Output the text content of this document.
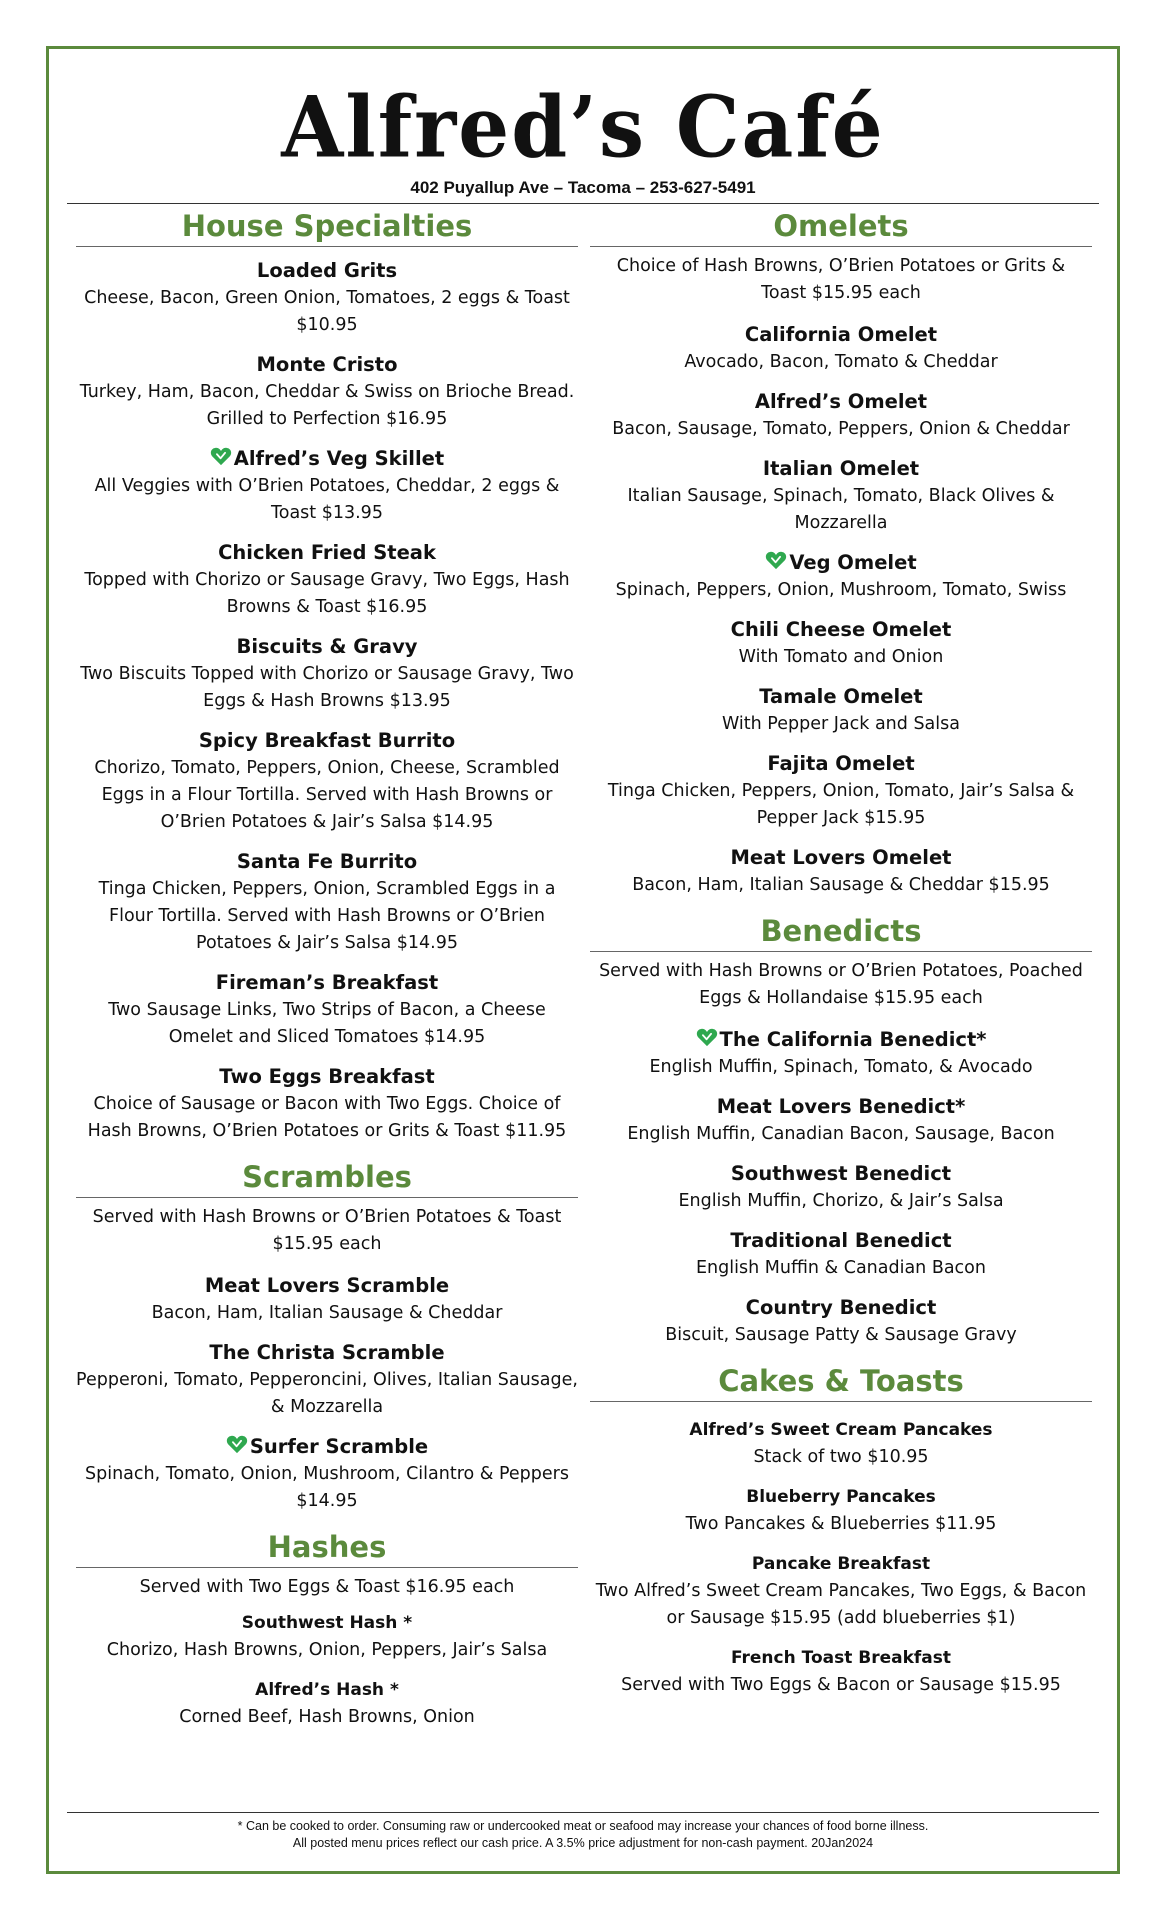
Alfred’s Café
402 Puyallup Ave – Tacoma – 253-627-5491
House Specialties
Loaded Grits
Cheese, Bacon, Green Onion, Tomatoes, 2 eggs & Toast $10.95
Monte Cristo
Turkey, Ham, Bacon, Cheddar & Swiss on Brioche Bread. Grilled to Perfection $16.95
Alfred’s Veg Skillet
All Veggies with O’Brien Potatoes, Cheddar, 2 eggs & Toast $13.95
Chicken Fried Steak
Topped with Chorizo or Sausage Gravy, Two Eggs, Hash Browns & Toast $16.95
Biscuits & Gravy
Two Biscuits Topped with Chorizo or Sausage Gravy, Two Eggs & Hash Browns $13.95
Spicy Breakfast Burrito
Chorizo, Tomato, Peppers, Onion, Cheese, Scrambled Eggs in a Flour Tortilla. Served with Hash Browns or O’Brien Potatoes & Jair’s Salsa $14.95
Santa Fe Burrito
Tinga Chicken, Peppers, Onion, Scrambled Eggs in a Flour Tortilla. Served with Hash Browns or O’Brien Potatoes & Jair’s Salsa $14.95
Fireman’s Breakfast
Two Sausage Links, Two Strips of Bacon, a Cheese Omelet and Sliced Tomatoes $14.95
Two Eggs Breakfast
Choice of Sausage or Bacon with Two Eggs. Choice of Hash Browns, O’Brien Potatoes or Grits & Toast $11.95
Scrambles
Served with Hash Browns or O’Brien Potatoes & Toast $15.95 each
Meat Lovers Scramble
Bacon, Ham, Italian Sausage & Cheddar
The Christa Scramble
Pepperoni, Tomato, Pepperoncini, Olives, Italian Sausage, & Mozzarella
Surfer Scramble
Spinach, Tomato, Onion, Mushroom, Cilantro & Peppers $14.95
Hashes
Served with Two Eggs & Toast $16.95 each
Southwest Hash *
Chorizo, Hash Browns, Onion, Peppers, Jair’s Salsa
Alfred’s Hash *
Corned Beef, Hash Browns, Onion
Omelets
Choice of Hash Browns, O’Brien Potatoes or Grits & Toast $15.95 each
California Omelet
Avocado, Bacon, Tomato & Cheddar
Alfred’s Omelet
Bacon, Sausage, Tomato, Peppers, Onion & Cheddar
Italian Omelet
Italian Sausage, Spinach, Tomato, Black Olives & Mozzarella
Veg Omelet
Spinach, Peppers, Onion, Mushroom, Tomato, Swiss
Chili Cheese Omelet
With Tomato and Onion
Tamale Omelet
With Pepper Jack and Salsa
Fajita Omelet
Tinga Chicken, Peppers, Onion, Tomato, Jair’s Salsa & Pepper Jack $15.95
Meat Lovers Omelet
Bacon, Ham, Italian Sausage & Cheddar $15.95
Benedicts
Served with Hash Browns or O’Brien Potatoes, Poached Eggs & Hollandaise $15.95 each
The California Benedict*
English Muffin, Spinach, Tomato, & Avocado
Meat Lovers Benedict*
English Muffin, Canadian Bacon, Sausage, Bacon
Southwest Benedict
English Muffin, Chorizo, & Jair’s Salsa
Traditional Benedict
English Muffin & Canadian Bacon
Country Benedict
Biscuit, Sausage Patty & Sausage Gravy
Cakes & Toasts
Alfred’s Sweet Cream Pancakes
Stack of two $10.95
Blueberry Pancakes
Two Pancakes & Blueberries $11.95
Pancake Breakfast
Two Alfred’s Sweet Cream Pancakes, Two Eggs, & Bacon or Sausage $15.95 (add blueberries $1)
French Toast Breakfast
Served with Two Eggs & Bacon or Sausage $15.95
* Can be cooked to order. Consuming raw or undercooked meat or seafood may increase your chances of food borne illness.
All posted menu prices reflect our cash price. A 3.5% price adjustment for non-cash payment. 20Jan2024
